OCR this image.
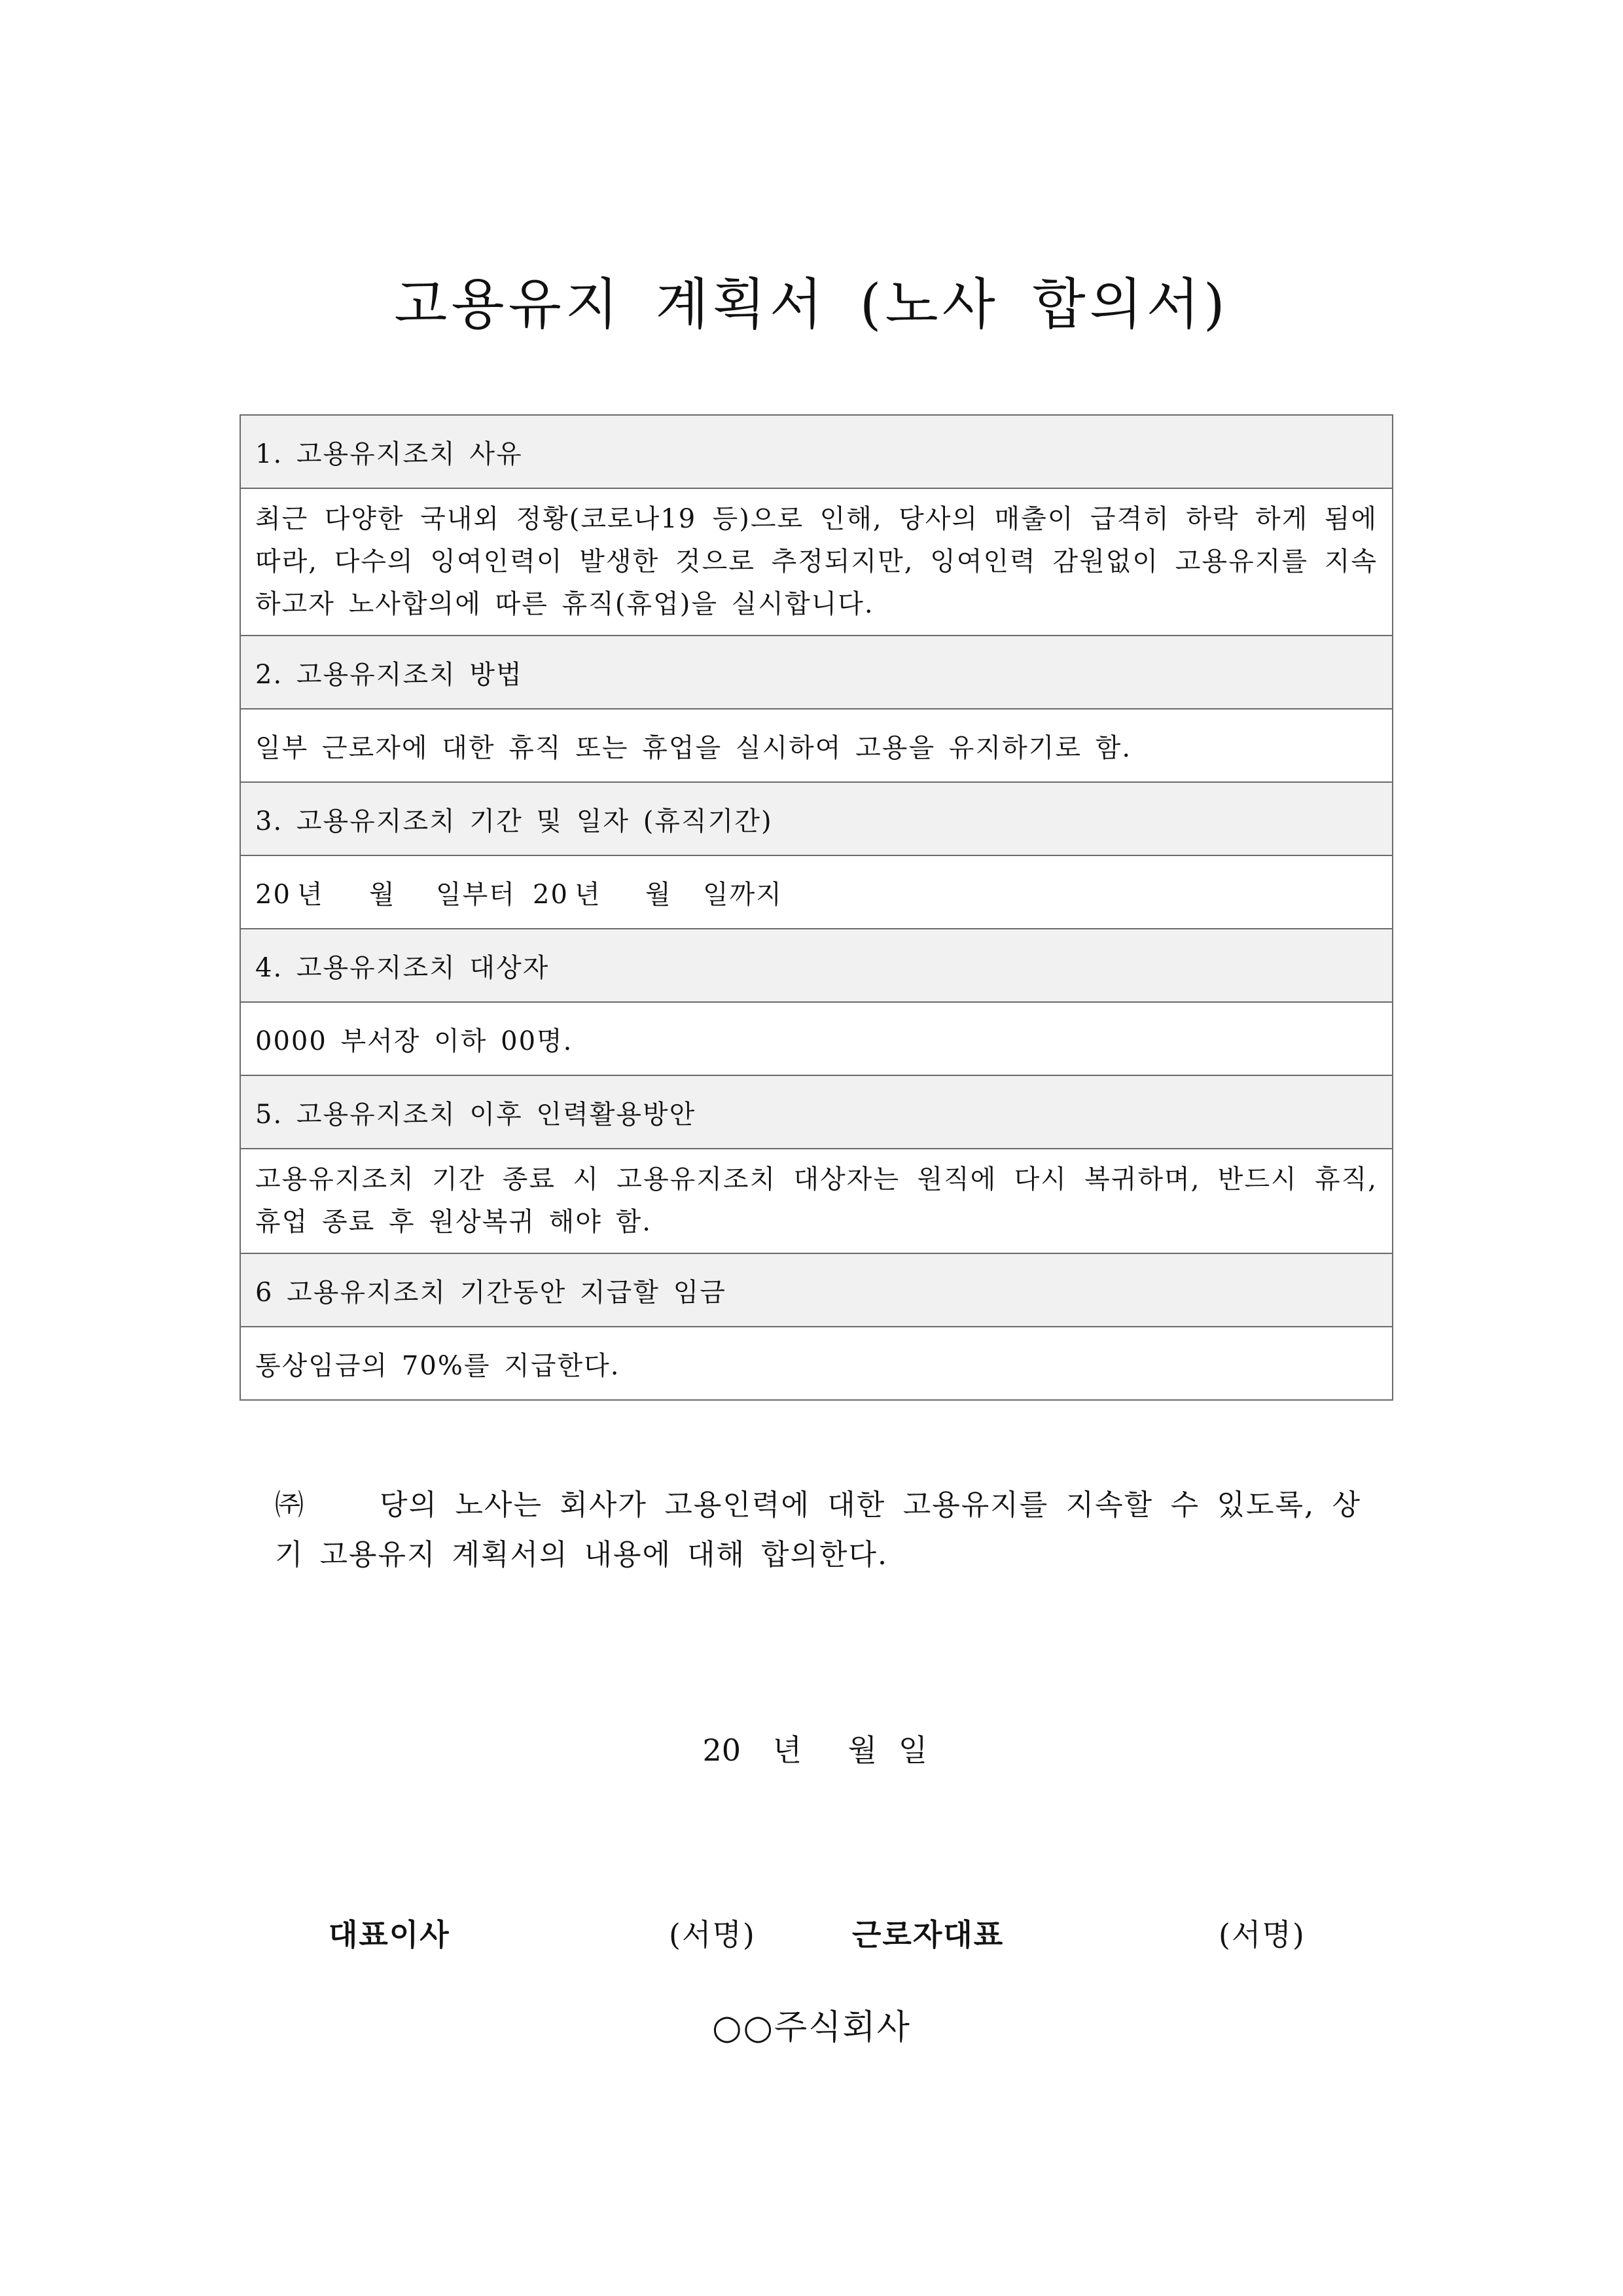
고용유지 계획서 (노사 합의서)
1. 고용유지조치 사유
최근 다양한 국내외 정황(코로나19 등)으로 인해, 당사의 매출이 급격히 하락 하게 됨에 따라, 다수의 잉여인력이 발생한 것으로 추정되지만, 잉여인력 감원없이 고용유지를 지속하고자 노사합의에 따른 휴직(휴업)을 실시합니다.
2. 고용유지조치 방법
일부 근로자에 대한 휴직 또는 휴업을 실시하여 고용을 유지하기로 함.
3. 고용유지조치 기간 및 일자 (휴직기간)
20 년 월 일부터 20 년 월 일까지
4. 고용유지조치 대상자
0000 부서장 이하 00명.
5. 고용유지조치 이후 인력활용방안
고용유지조치 기간 종료 시 고용유지조치 대상자는 원직에 다시 복귀하며, 반드시 휴직, 휴업 종료 후 원상복귀 해야 함.
6 고용유지조치 기간동안 지급할 임금
통상임금의 70%를 지급한다.
㈜	당의 노사는 회사가 고용인력에 대한 고용유지를 지속할 수 있도록, 상기 고용유지 계획서의 내용에 대해 합의한다.
20 년 월 일
대표이사	(서명)	근로자대표	(서명)
○○주식회사
